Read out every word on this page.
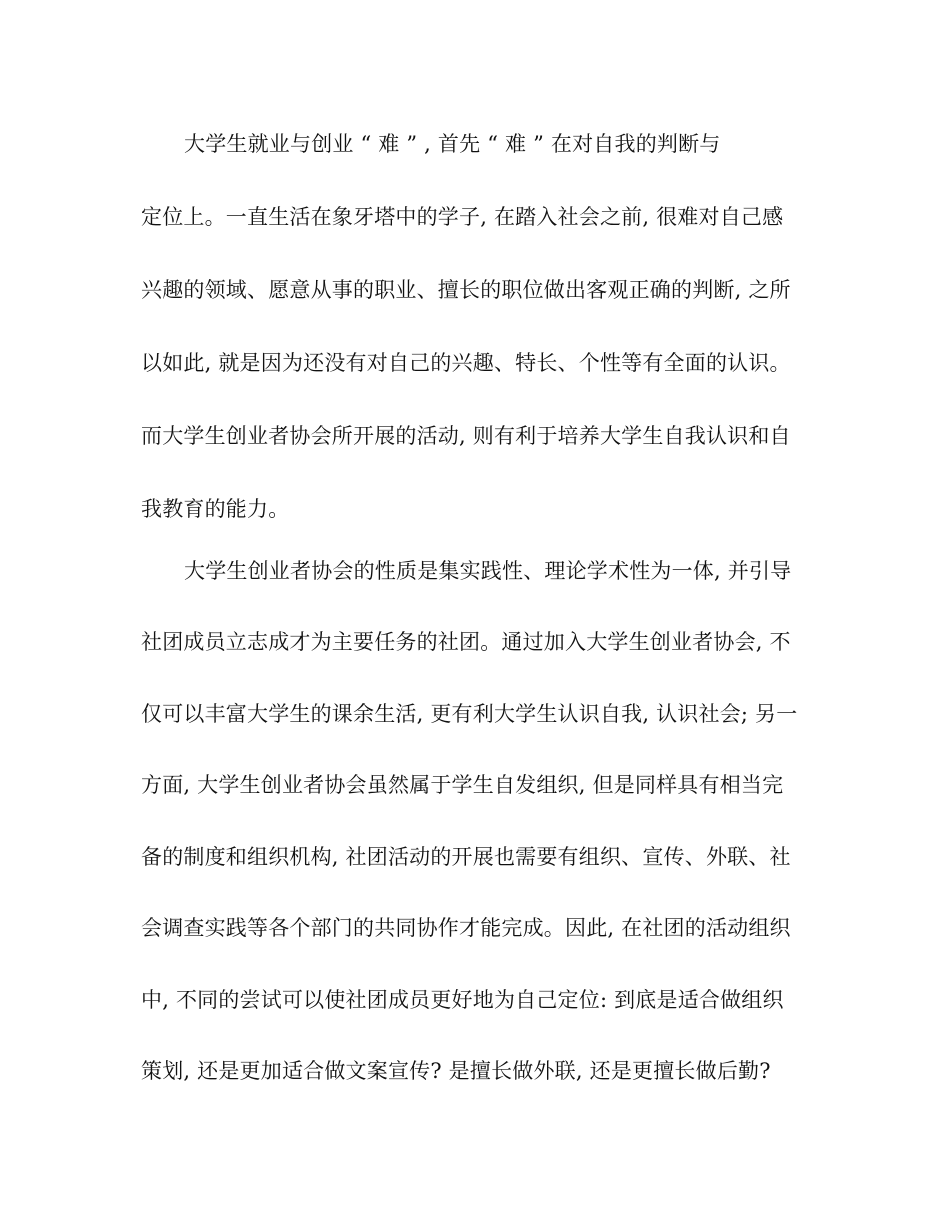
大学生就业与创业 “ 难 ” , 首先 “ 难 ” 在对自我的判断与
定位上。一直生活在象牙塔中的学子, 在踏入社会之前, 很难对自己感
兴趣的领域、愿意从事的职业、擅长的职位做出客观正确的判断, 之所
以如此, 就是因为还没有对自己的兴趣、特长、个性等有全面的认识。
而大学生创业者协会所开展的活动, 则有利于培养大学生自我认识和自
我教育的能力。
大学生创业者协会的性质是集实践性、理论学术性为一体, 并引导
社团成员立志成才为主要任务的社团。通过加入大学生创业者协会, 不
仅可以丰富大学生的课余生活, 更有利大学生认识自我, 认识社会; 另一
方面, 大学生创业者协会虽然属于学生自发组织, 但是同样具有相当完
备的制度和组织机构, 社团活动的开展也需要有组织、宣传、外联、社
会调查实践等各个部门的共同协作才能完成。因此, 在社团的活动组织
中, 不同的尝试可以使社团成员更好地为自己定位: 到底是适合做组织
策划, 还是更加适合做文案宣传? 是擅长做外联, 还是更擅长做后勤?
